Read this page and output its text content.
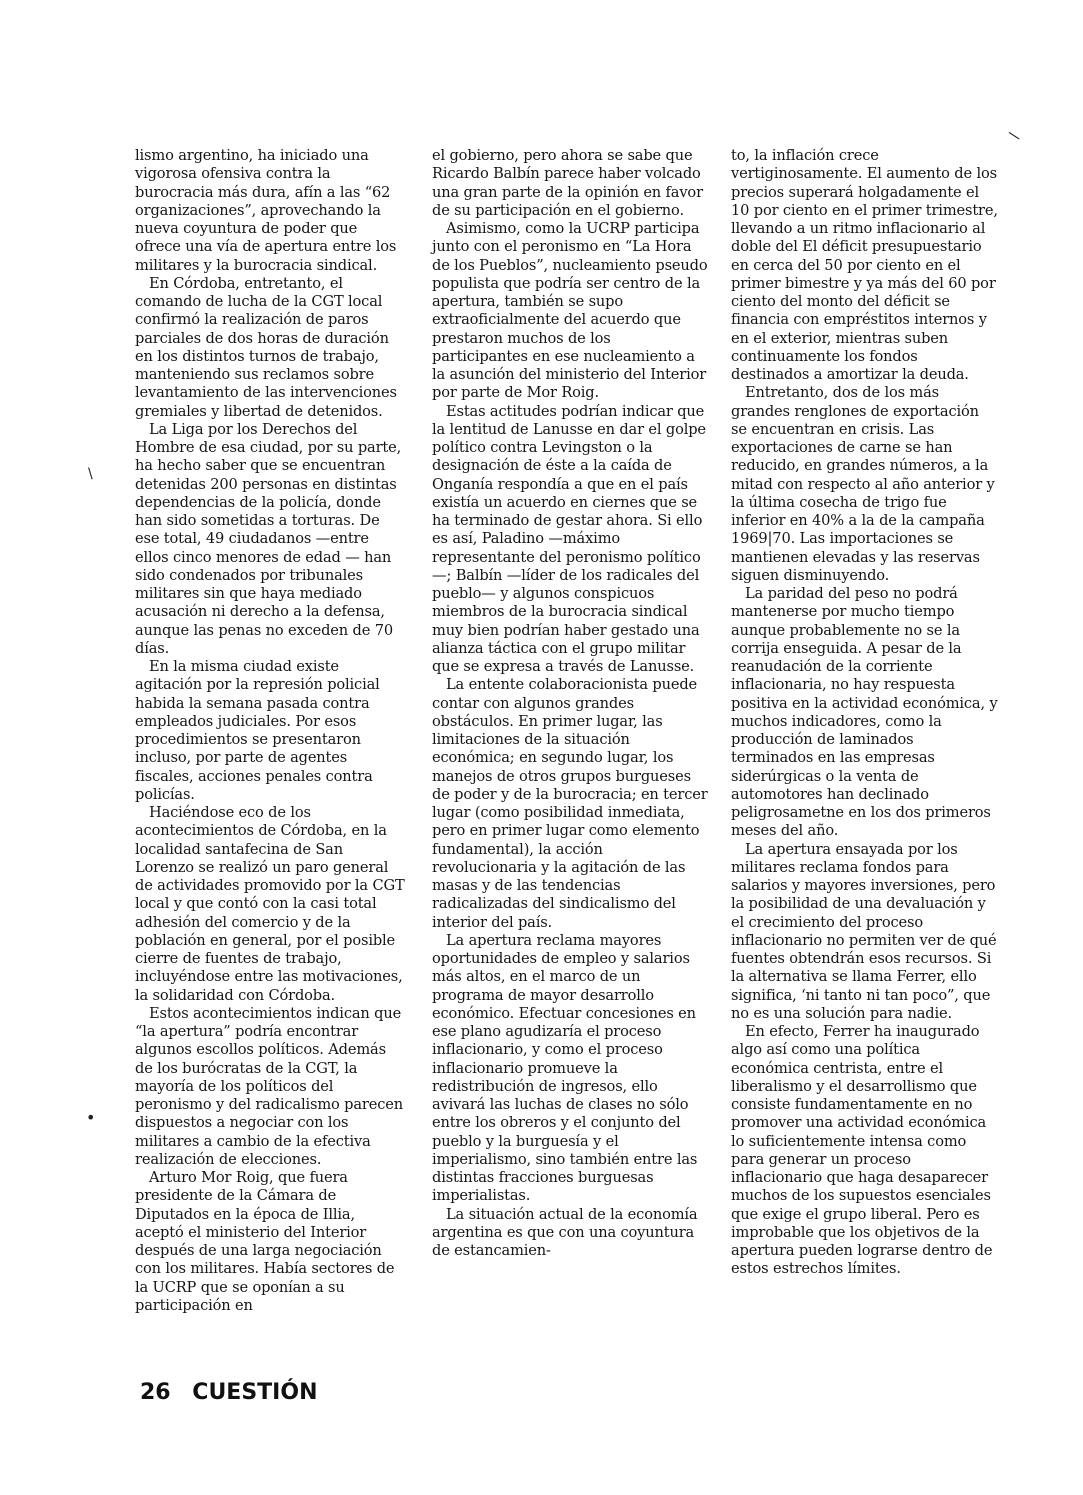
lismo argentino, ha iniciado una vigorosa ofensiva contra la burocracia más dura, afín a las “62 organizaciones”, aprovechando la nueva coyuntura de poder que ofrece una vía de apertura entre los militares y la burocracia sindical.

En Córdoba, entretanto, el comando de lucha de la CGT local confirmó la realización de paros parciales de dos horas de duración en los distintos turnos de trabajo, manteniendo sus reclamos sobre levantamiento de las intervenciones gremiales y libertad de detenidos.

La Liga por los Derechos del Hombre de esa ciudad, por su parte, ha hecho saber que se encuentran detenidas 200 personas en distintas dependencias de la policía, donde han sido sometidas a torturas. De ese total, 49 ciudadanos —entre ellos cinco menores de edad — han sido condenados por tribunales militares sin que haya mediado acusación ni derecho a la defensa, aunque las penas no exceden de 70 días.

En la misma ciudad existe agitación por la represión policial habida la semana pasada contra empleados judiciales. Por esos procedimientos se presentaron incluso, por parte de agentes fiscales, acciones penales contra policías.

Haciéndose eco de los acontecimientos de Córdoba, en la localidad santafecina de San Lorenzo se realizó un paro general de actividades promovido por la CGT local y que contó con la casi total adhesión del comercio y de la población en general, por el posible cierre de fuentes de trabajo, incluyéndose entre las motivaciones, la solidaridad con Córdoba.

Estos acontecimientos indican que “la apertura” podría encontrar algunos escollos políticos. Además de los burócratas de la CGT, la mayoría de los políticos del peronismo y del radicalismo parecen dispuestos a negociar con los militares a cambio de la efectiva realización de elecciones.

Arturo Mor Roig, que fuera presidente de la Cámara de Diputados en la época de Illia, aceptó el ministerio del Interior después de una larga negociación con los militares. Había sectores de la UCRP que se oponían a su participación en

el gobierno, pero ahora se sabe que Ricardo Balbín parece haber volcado una gran parte de la opinión en favor de su participación en el gobierno.

Asimismo, como la UCRP participa junto con el peronismo en “La Hora de los Pueblos”, nucleamiento pseudo populista que podría ser centro de la apertura, también se supo extraoficialmente del acuerdo que prestaron muchos de los participantes en ese nucleamiento a la asunción del ministerio del Interior por parte de Mor Roig.

Estas actitudes podrían indicar que la lentitud de Lanusse en dar el golpe político contra Levingston o la designación de éste a la caída de Onganía respondía a que en el país existía un acuerdo en ciernes que se ha terminado de gestar ahora. Si ello es así, Paladino —máximo representante del peronismo político—; Balbín —líder de los radicales del pueblo— y algunos conspicuos miembros de la burocracia sindical muy bien podrían haber gestado una alianza táctica con el grupo militar que se expresa a través de Lanusse.

La entente colaboracionista puede contar con algunos grandes obstáculos. En primer lugar, las limitaciones de la situación económica; en segundo lugar, los manejos de otros grupos burgueses de poder y de la burocracia; en tercer lugar (como posibilidad inmediata, pero en primer lugar como elemento fundamental), la acción revolucionaria y la agitación de las masas y de las tendencias radicalizadas del sindicalismo del interior del país.

La apertura reclama mayores oportunidades de empleo y salarios más altos, en el marco de un programa de mayor desarrollo económico. Efectuar concesiones en ese plano agudizaría el proceso inflacionario, y como el proceso inflacionario promueve la redistribución de ingresos, ello avivará las luchas de clases no sólo entre los obreros y el conjunto del pueblo y la burguesía y el imperialismo, sino también entre las distintas fracciones burguesas imperialistas.

La situación actual de la economía argentina es que con una coyuntura de estancamien-

to, la inflación crece vertiginosamente. El aumento de los precios superará holgadamente el 10 por ciento en el primer trimestre, llevando a un ritmo inflacionario al doble del El déficit presupuestario en cerca del 50 por ciento en el primer bimestre y ya más del 60 por ciento del monto del déficit se financia con empréstitos internos y en el exterior, mientras suben continuamente los fondos destinados a amortizar la deuda.

Entretanto, dos de los más grandes renglones de exportación se encuentran en crisis. Las exportaciones de carne se han reducido, en grandes números, a la mitad con respecto al año anterior y la última cosecha de trigo fue inferior en 40% a la de la campaña 1969|70. Las importaciones se mantienen elevadas y las reservas siguen disminuyendo.

La paridad del peso no podrá mantenerse por mucho tiempo aunque probablemente no se la corrija enseguida. A pesar de la reanudación de la corriente inflacionaria, no hay respuesta positiva en la actividad económica, y muchos indicadores, como la producción de laminados terminados en las empresas siderúrgicas o la venta de automotores han declinado peligrosametne en los dos primeros meses del año.

La apertura ensayada por los militares reclama fondos para salarios y mayores inversiones, pero la posibilidad de una devaluación y el crecimiento del proceso inflacionario no permiten ver de qué fuentes obtendrán esos recursos. Si la alternativa se llama Ferrer, ello significa, ‘ni tanto ni tan poco”, que no es una solución para nadie.

En efecto, Ferrer ha inaugurado algo así como una política económica centrista, entre el liberalismo y el desarrollismo que consiste fundamentamente en no promover una actividad económica lo suficientemente intensa como para generar un proceso inflacionario que haga desaparecer muchos de los supuestos esenciales que exige el grupo liberal. Pero es improbable que los objetivos de la apertura pueden lograrse dentro de estos estrechos límites.

26 CUESTIÓN
\
\
•
